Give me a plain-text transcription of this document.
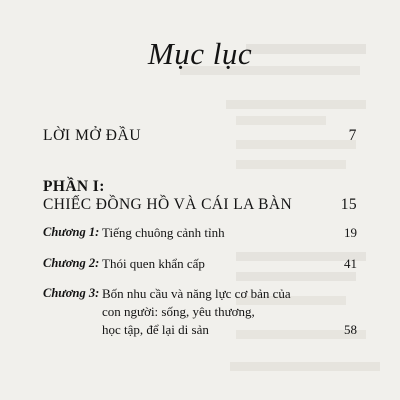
Mục lục
LỜI MỞ ĐẦU	7
PHẦN I:
CHIẾC ĐỒNG HỒ VÀ CÁI LA BÀN	15
Chương 1: Tiếng chuông cảnh tỉnh	19
Chương 2: Thói quen khẩn cấp	41
Chương 3: Bốn nhu cầu và năng lực cơ bản của
con người: sống, yêu thương,
học tập, để lại di sản	58
